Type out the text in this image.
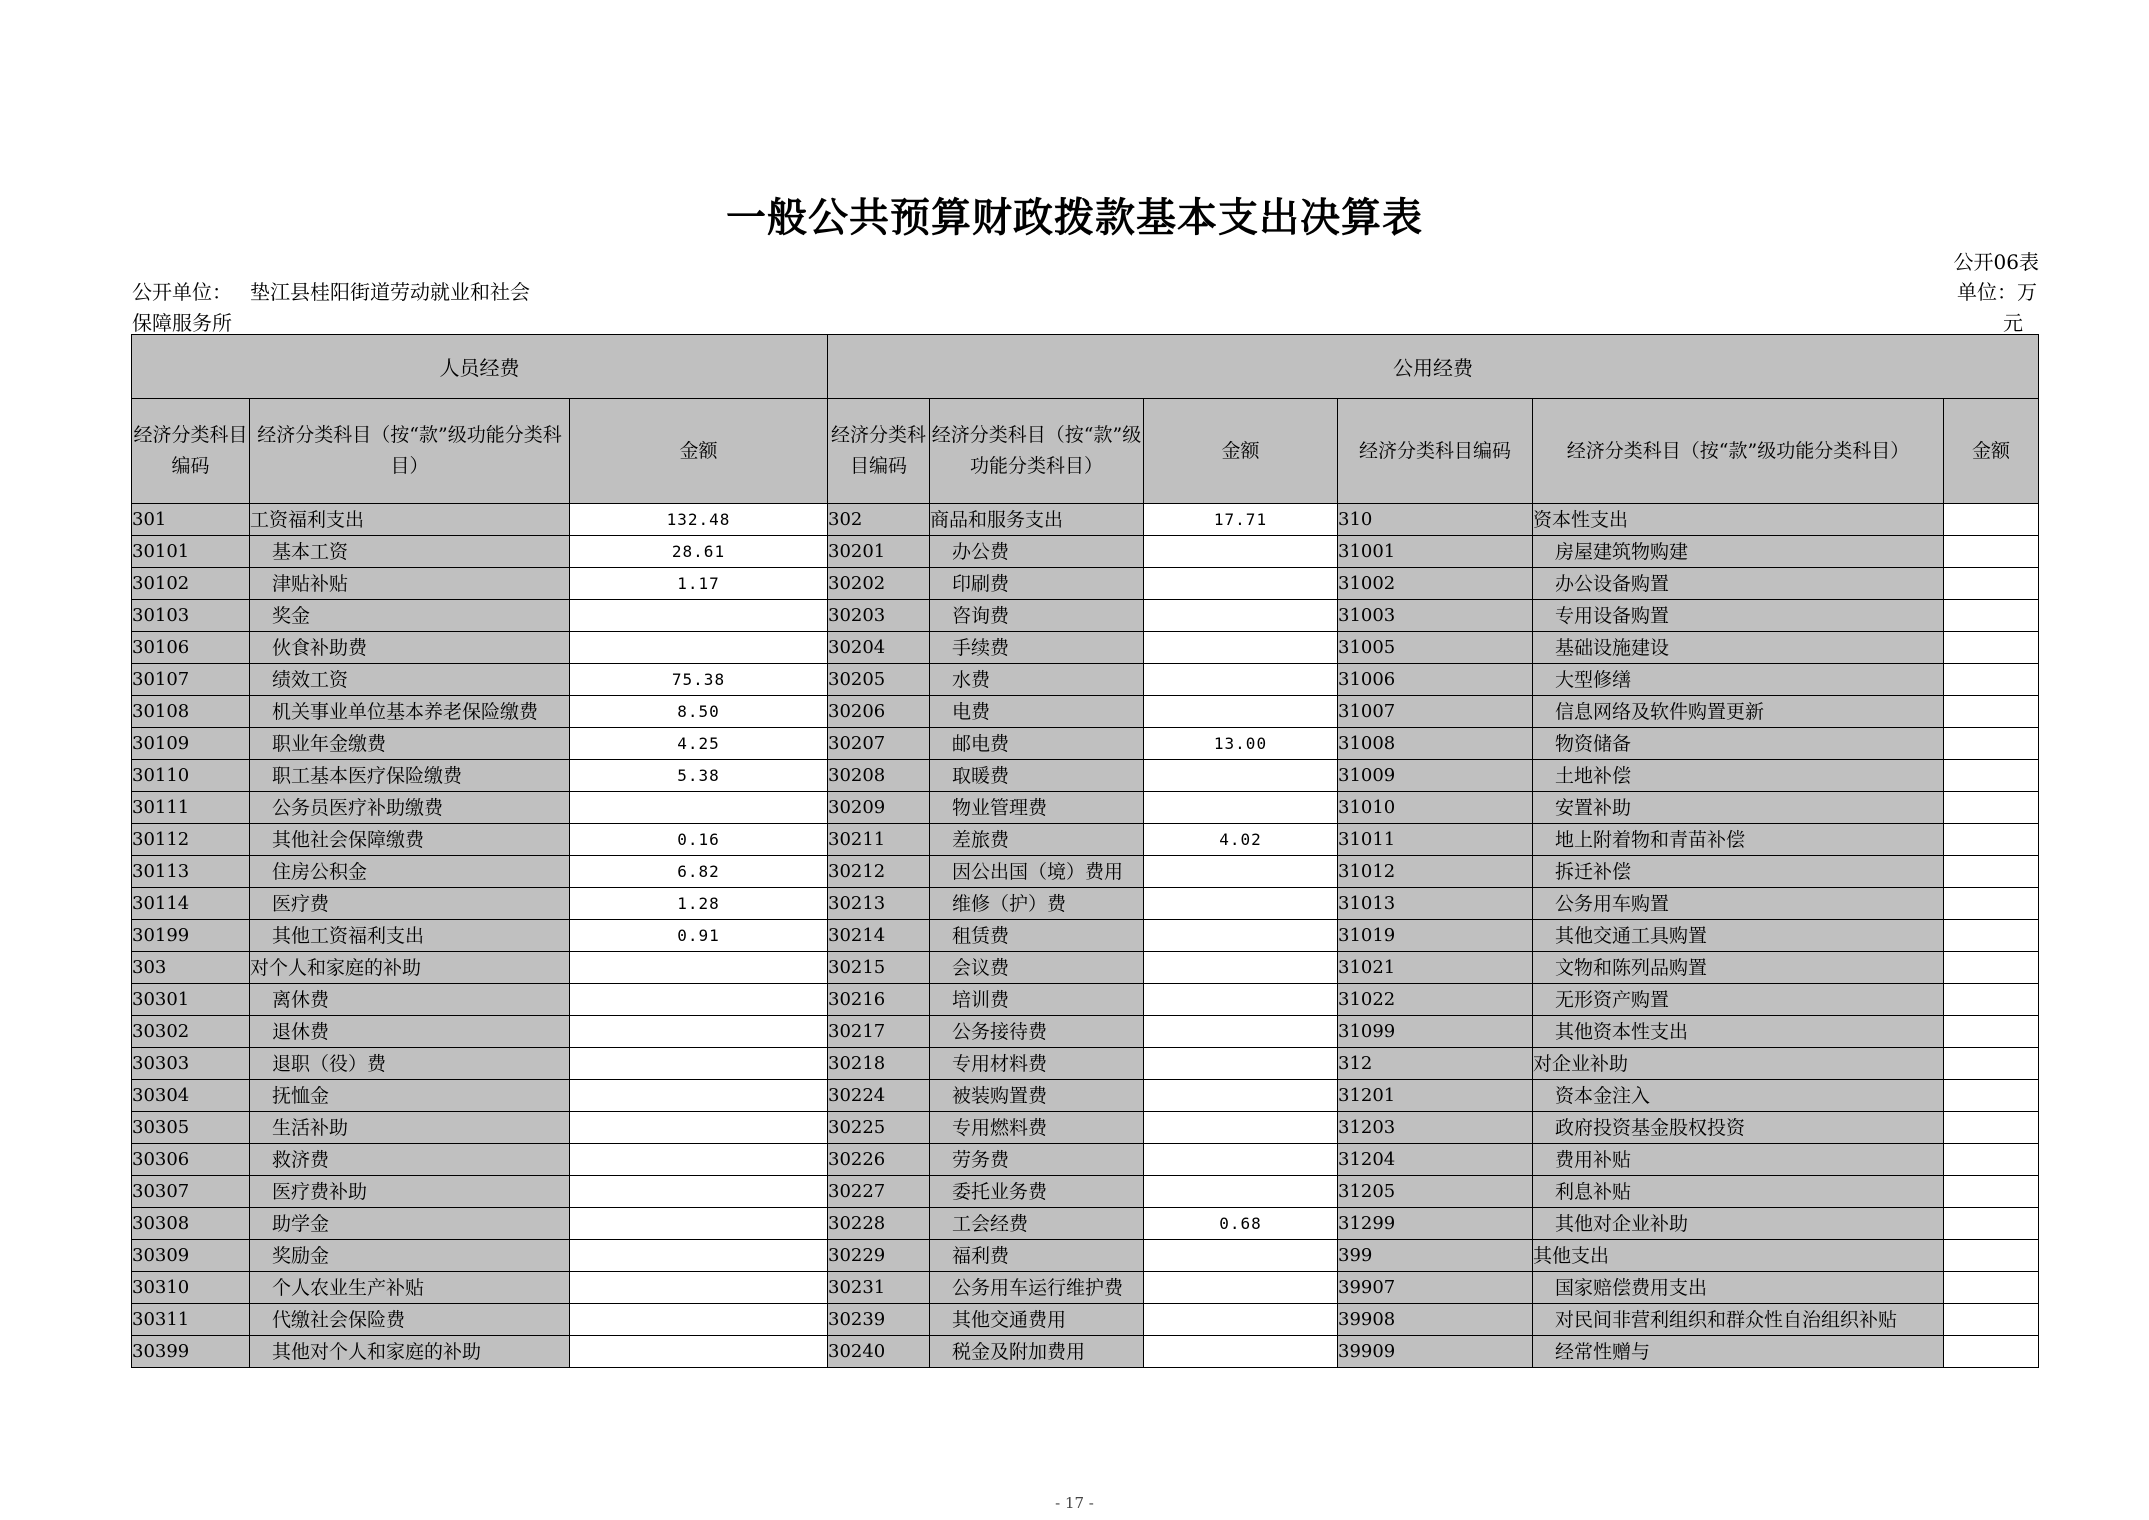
一般公共预算财政拨款基本支出决算表
公开06表
公开单位： 垫江县桂阳街道劳动就业和社会
保障服务所
单位：万
元
人员经费			公用经费					
经济分类科目编码	经济分类科目（按“款”级功能分类科目）	金额	经济分类科目编码	经济分类科目（按“款”级功能分类科目）	金额	经济分类科目编码	经济分类科目（按“款”级功能分类科目）	金额
301	工资福利支出	132.48	302	商品和服务支出	17.71	310	资本性支出	
30101	基本工资	28.61	30201	办公费		31001	房屋建筑物购建	
30102	津贴补贴	1.17	30202	印刷费		31002	办公设备购置	
30103	奖金		30203	咨询费		31003	专用设备购置	
30106	伙食补助费		30204	手续费		31005	基础设施建设	
30107	绩效工资	75.38	30205	水费		31006	大型修缮	
30108	机关事业单位基本养老保险缴费	8.50	30206	电费		31007	信息网络及软件购置更新	
30109	职业年金缴费	4.25	30207	邮电费	13.00	31008	物资储备	
30110	职工基本医疗保险缴费	5.38	30208	取暖费		31009	土地补偿	
30111	公务员医疗补助缴费		30209	物业管理费		31010	安置补助	
30112	其他社会保障缴费	0.16	30211	差旅费	4.02	31011	地上附着物和青苗补偿	
30113	住房公积金	6.82	30212	因公出国（境）费用		31012	拆迁补偿	
30114	医疗费	1.28	30213	维修（护）费		31013	公务用车购置	
30199	其他工资福利支出	0.91	30214	租赁费		31019	其他交通工具购置	
303	对个人和家庭的补助		30215	会议费		31021	文物和陈列品购置	
30301	离休费		30216	培训费		31022	无形资产购置	
30302	退休费		30217	公务接待费		31099	其他资本性支出	
30303	退职（役）费		30218	专用材料费		312	对企业补助	
30304	抚恤金		30224	被装购置费		31201	资本金注入	
30305	生活补助		30225	专用燃料费		31203	政府投资基金股权投资	
30306	救济费		30226	劳务费		31204	费用补贴	
30307	医疗费补助		30227	委托业务费		31205	利息补贴	
30308	助学金		30228	工会经费	0.68	31299	其他对企业补助	
30309	奖励金		30229	福利费		399	其他支出	
30310	个人农业生产补贴		30231	公务用车运行维护费		39907	国家赔偿费用支出	
30311	代缴社会保险费		30239	其他交通费用		39908	对民间非营利组织和群众性自治组织补贴	
30399	其他对个人和家庭的补助		30240	税金及附加费用		39909	经常性赠与	
- 17 -
